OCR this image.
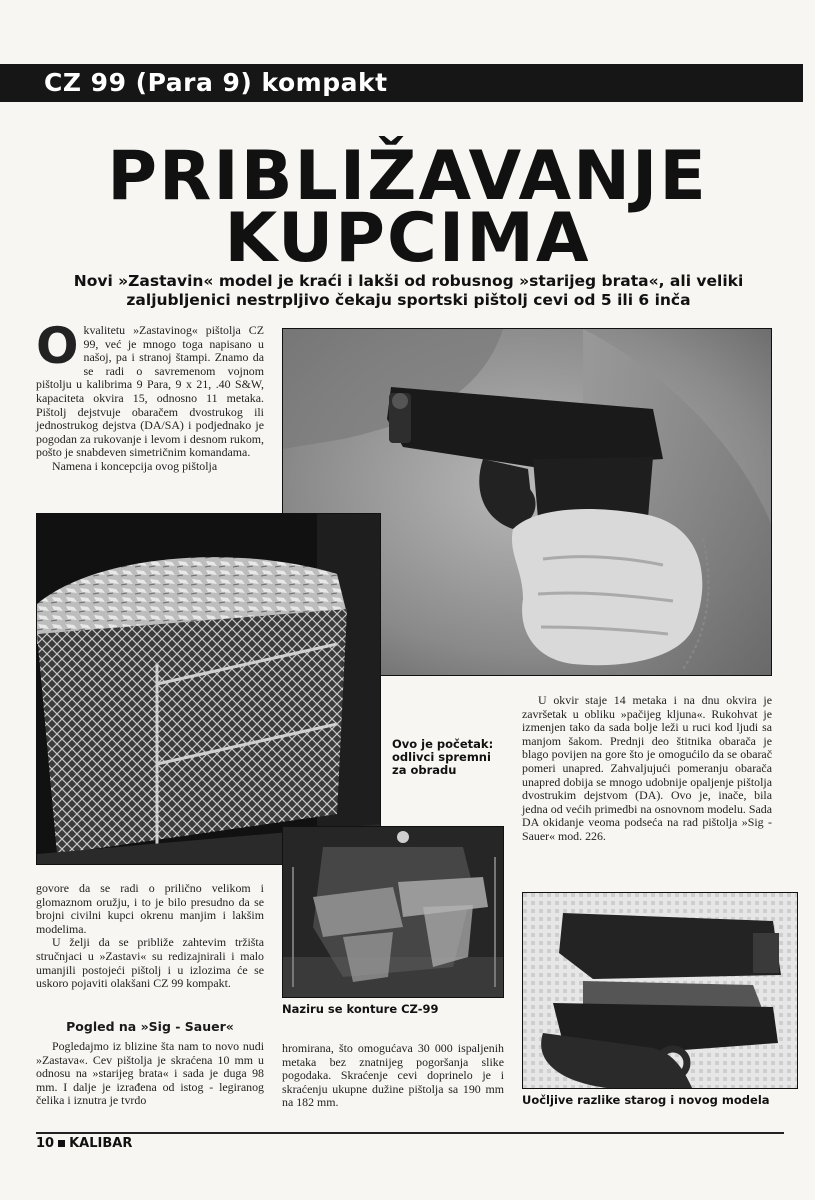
CZ 99 (Para 9) kompakt
PRIBLIŽAVANJE
KUPCIMA
Novi »Zastavin« model je kraći i lakši od robusnog »starijeg brata«, ali veliki zaljubljenici nestrpljivo čekaju sportski pištolj cevi od 5 ili 6 inča

Okvalitetu »Zastavinog« pištolja CZ 99, već je mnogo toga napisano u našoj, pa i stranoj štampi. Znamo da se radi o savremenom vojnom pištolju u kalibrima 9 Para, 9 x 21, .40 S&W, kapaciteta okvira 15, odnosno 11 metaka. Pištolj dejstvuje obaračem dvostrukog ili jednostrukog dejstva (DA/SA) i podjednako je pogodan za rukovanje i levom i desnom rukom, pošto je snabdeven simetričnim komandama.

Namena i koncepcija ovog pištolja

Ovo je početak: odlivci spremni za obradu

U okvir staje 14 metaka i na dnu okvira je završetak u obliku »pačijeg kljuna«. Rukohvat je izmenjen tako da sada bolje leži u ruci kod ljudi sa manjom šakom. Prednji deo štitnika obarača je blago povijen na gore što je omogućilo da se obarač pomeri unapred. Zahvaljujući pomeranju obarača unapred dobija se mnogo udobnije opaljenje pištolja dvostrukim dejstvom (DA). Ovo je, inače, bila jedna od većih primedbi na osnovnom modelu. Sada DA okidanje veoma podseća na rad pištolja »Sig - Sauer« mod. 226.

Naziru se konture CZ-99

govore da se radi o prilično velikom i glomaznom oružju, i to je bilo presudno da se brojni civilni kupci okrenu manjim i lakšim modelima.

U želji da se približe zahtevim tržišta stručnjaci u »Zastavi« su redizajnirali i malo umanjili postojeći pištolj i u izlozima će se uskoro pojaviti olakšani CZ 99 kompakt.

Pogled na »Sig - Sauer«

Pogledajmo iz blizine šta nam to novo nudi »Zastava«. Cev pištolja je skraćena 10 mm u odnosu na »starijeg brata« i sada je duga 98 mm. I dalje je izrađena od istog - legiranog čelika i iznutra je tvrdo

hromirana, što omogućava 30 000 ispaljenih metaka bez znatnijeg pogoršanja slike pogodaka. Skraćenje cevi doprinelo je i skraćenju ukupne dužine pištolja sa 190 mm na 182 mm.	Uočljive razlike starog i novog modela
10 KALIBAR
